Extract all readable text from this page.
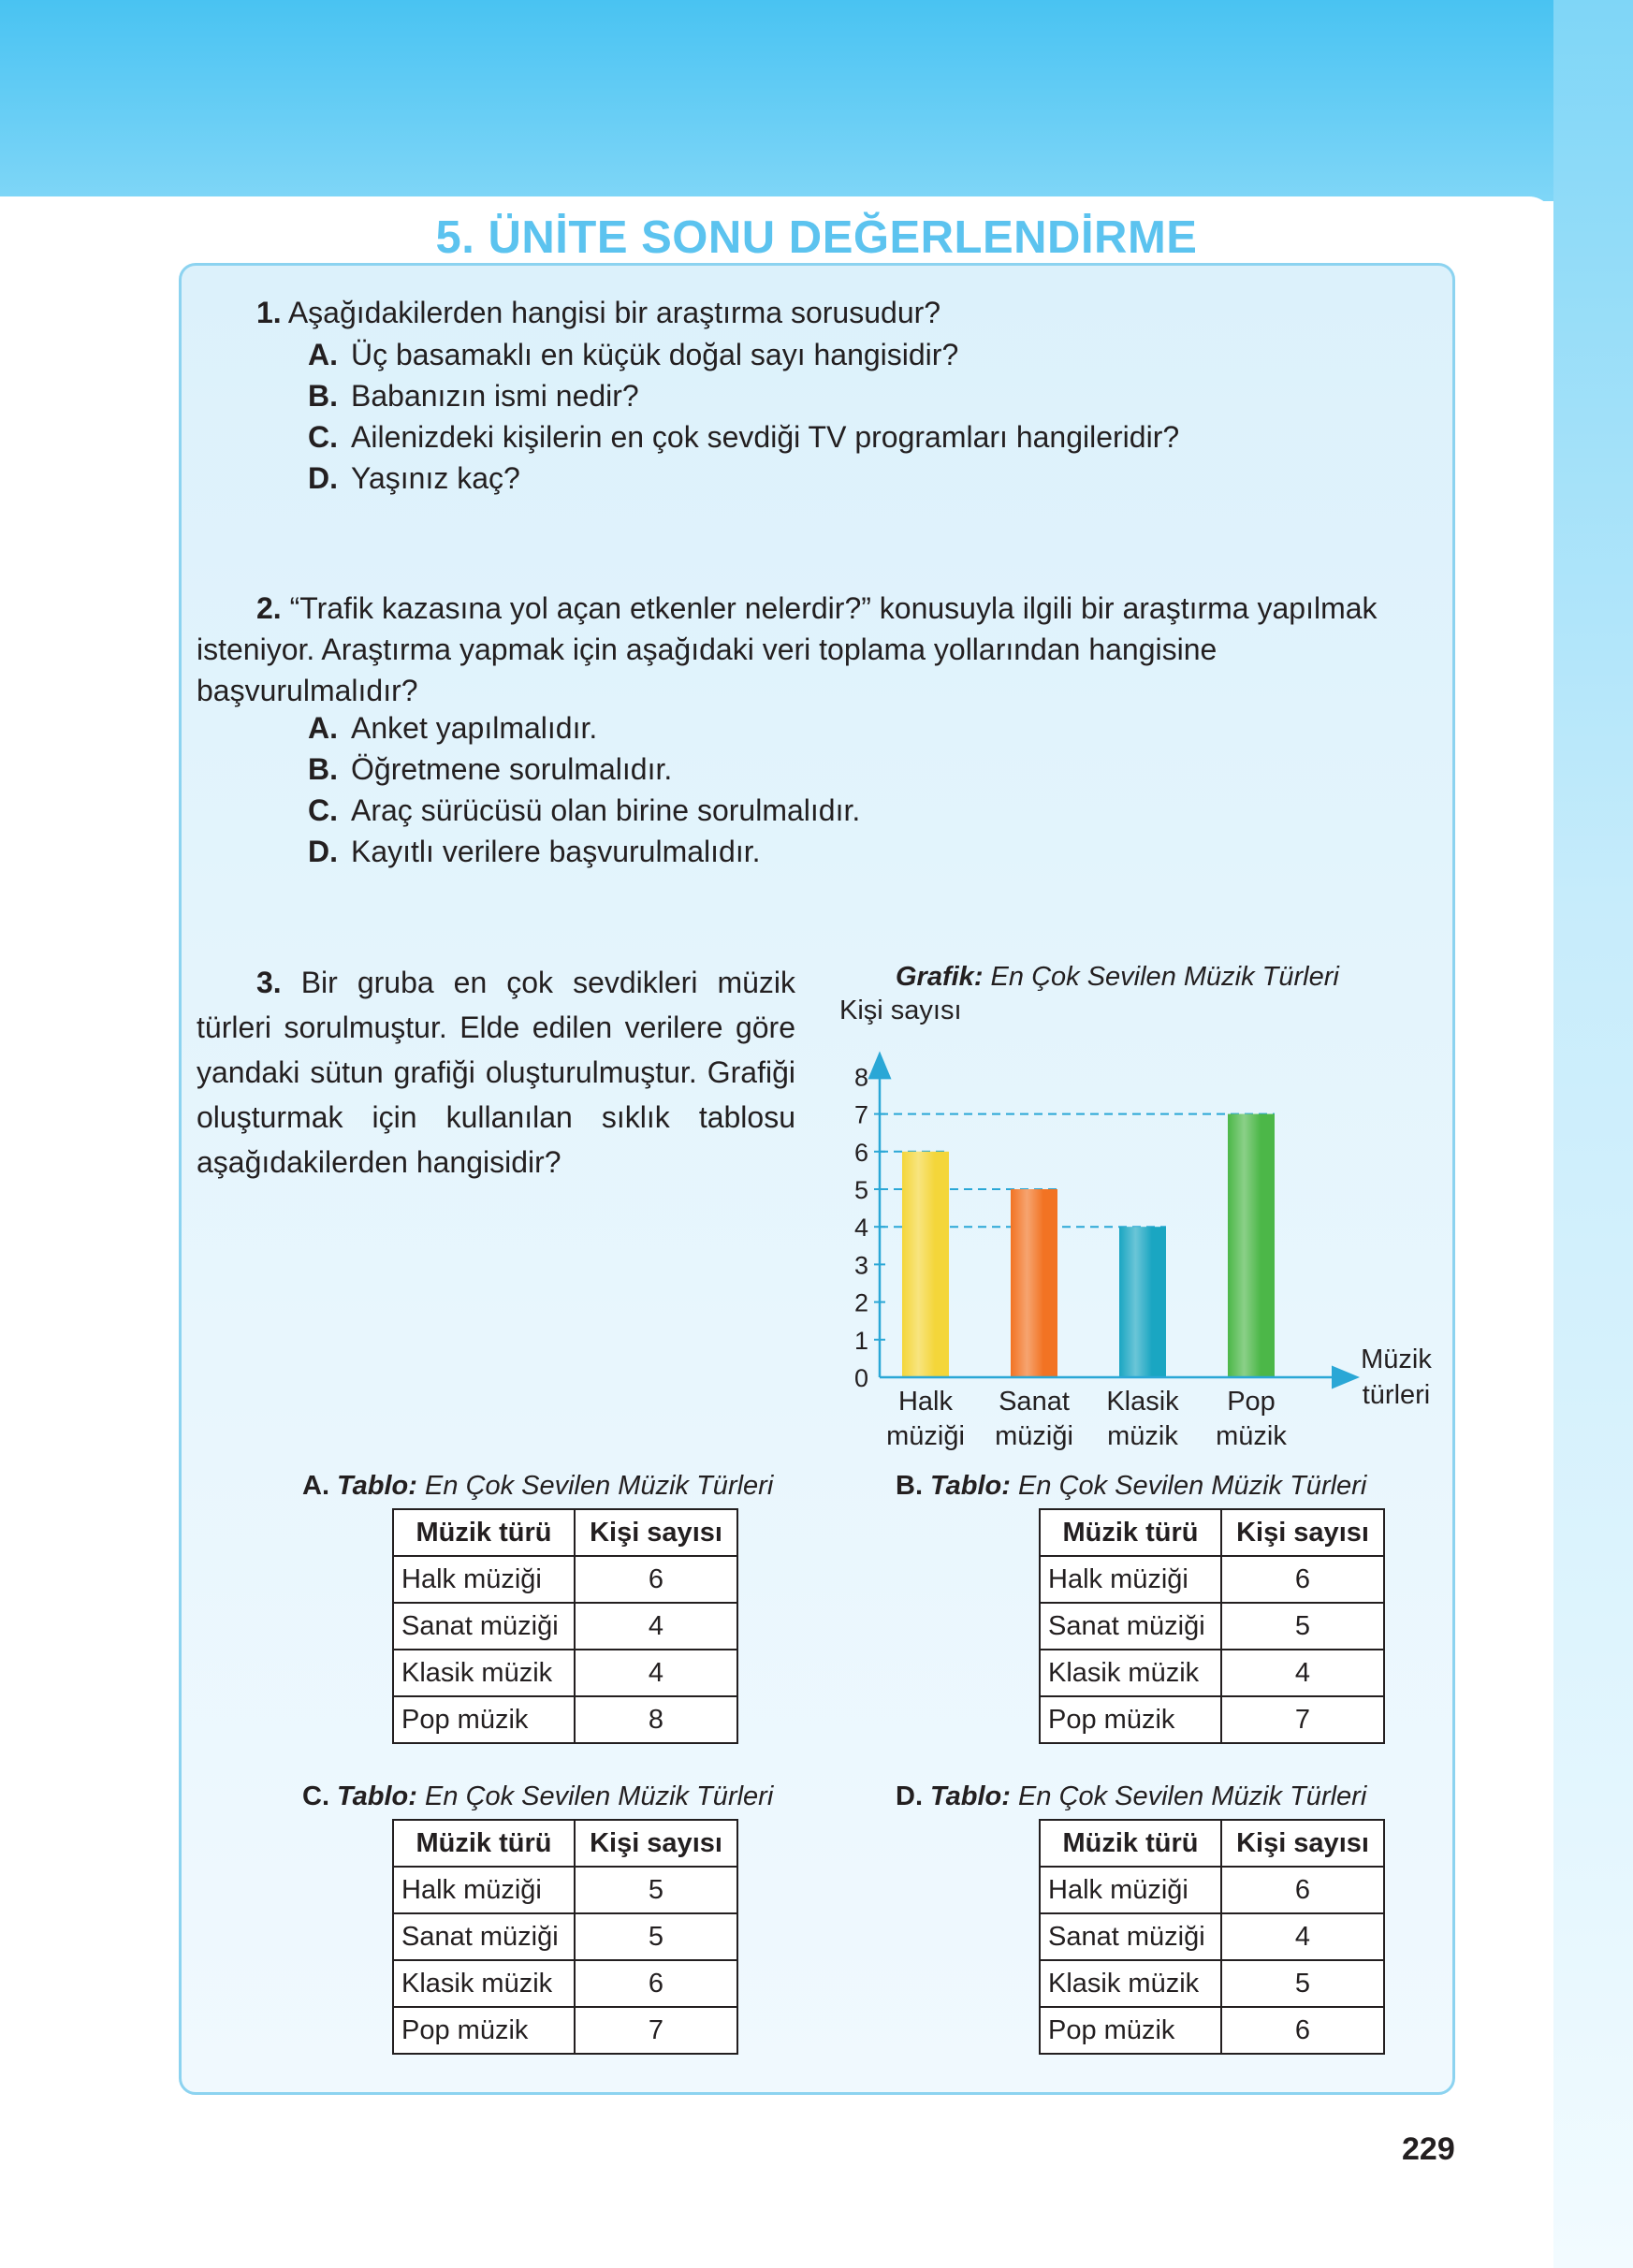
5. ÜNİTE SONU DEĞERLENDİRME
1. Aşağıdakilerden hangisi bir araştırma sorusudur?
A. Üç basamaklı en küçük doğal sayı hangisidir?
B. Babanızın ismi nedir?
C. Ailenizdeki kişilerin en çok sevdiği TV programları hangileridir?
D. Yaşınız kaç?
2. “Trafik kazasına yol açan etkenler nelerdir?” konusuyla ilgili bir araştırma yapılmak isteniyor. Araştırma yapmak için aşağıdaki veri toplama yollarından hangisine başvurulmalıdır?
A. Anket yapılmalıdır.
B. Öğretmene sorulmalıdır.
C. Araç sürücüsü olan birine sorulmalıdır.
D. Kayıtlı verilere başvurulmalıdır.
3. Bir gruba en çok sevdikleri müzik türleri sorulmuştur. Elde edilen verilere göre yandaki sütun grafiği oluşturulmuştur. Grafiği oluşturmak için kullanılan sıklık tablosu aşağıdakilerden hangisidir?
Grafik: En Çok Sevilen Müzik Türleri
0
1
2
3
4
5
6
7
8
Kişi sayısı
Müzik
türleri
Halk
müziği
Sanat
müziği
Klasik
müzik
Pop
müzik
A. Tablo: En Çok Sevilen Müzik Türleri
Müzik türü	Kişi sayısı
Halk müziği	6
Sanat müziği	4
Klasik müzik	4
Pop müzik	8
B. Tablo: En Çok Sevilen Müzik Türleri
Müzik türü	Kişi sayısı
Halk müziği	6
Sanat müziği	5
Klasik müzik	4
Pop müzik	7
C. Tablo: En Çok Sevilen Müzik Türleri
Müzik türü	Kişi sayısı
Halk müziği	5
Sanat müziği	5
Klasik müzik	6
Pop müzik	7
D. Tablo: En Çok Sevilen Müzik Türleri
Müzik türü	Kişi sayısı
Halk müziği	6
Sanat müziği	4
Klasik müzik	5
Pop müzik	6
229
